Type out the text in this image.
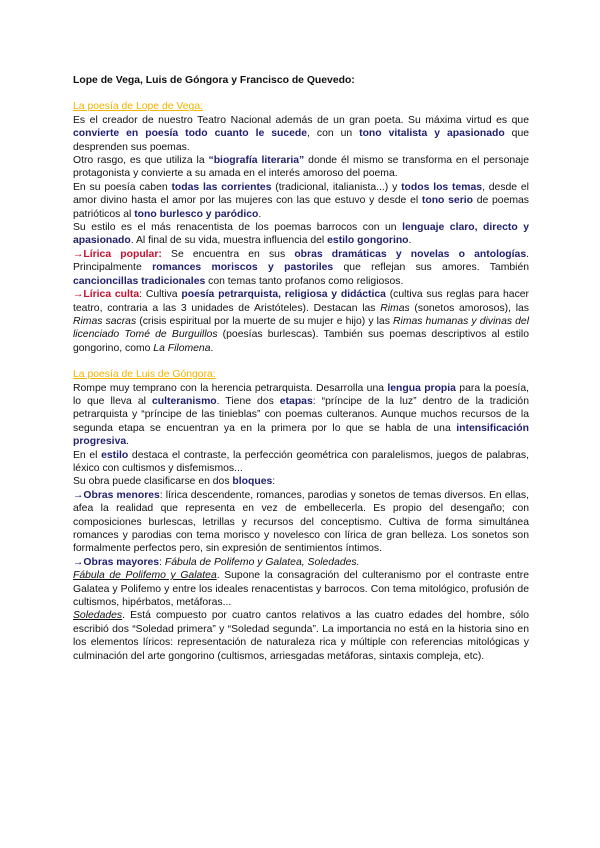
Lope de Vega, Luis de Góngora y Francisco de Quevedo:

La poesía de Lope de Vega:

Es el creador de nuestro Teatro Nacional además de un gran poeta. Su máxima virtud es que convierte en poesía todo cuanto le sucede, con un tono vitalista y apasionado que desprenden sus poemas.

Otro rasgo, es que utiliza la “biografía literaria” donde él mismo se transforma en el personaje protagonista y convierte a su amada en el interés amoroso del poema.

En su poesía caben todas las corrientes (tradicional, italianista...) y todos los temas, desde el amor divino hasta el amor por las mujeres con las que estuvo y desde el tono serio de poemas patrióticos al tono burlesco y paródico.

Su estilo es el más renacentista de los poemas barrocos con un lenguaje claro, directo y apasionado. Al final de su vida, muestra influencia del estilo gongorino.

→Lírica popular: Se encuentra en sus obras dramáticas y novelas o antologías. Principalmente romances moriscos y pastoriles que reflejan sus amores. También cancioncillas tradicionales con temas tanto profanos como religiosos.

→Lírica culta: Cultiva poesía petrarquista, religiosa y didáctica (cultiva sus reglas para hacer teatro, contraria a las 3 unidades de Aristóteles). Destacan las Rimas (sonetos amorosos), las Rimas sacras (crisis espiritual por la muerte de su mujer e hijo) y las Rimas humanas y divinas del licenciado Tomé de Burguillos (poesías burlescas). También sus poemas descriptivos al estilo gongorino, como La Filomena.

La poesía de Luis de Góngora:

Rompe muy temprano con la herencia petrarquista. Desarrolla una lengua propia para la poesía, lo que lleva al culteranismo. Tiene dos etapas: “príncipe de la luz” dentro de la tradición petrarquista y “príncipe de las tinieblas” con poemas culteranos. Aunque muchos recursos de la segunda etapa se encuentran ya en la primera por lo que se habla de una intensificación progresiva.

En el estilo destaca el contraste, la perfección geométrica con paralelismos, juegos de palabras, léxico con cultismos y disfemismos...

Su obra puede clasificarse en dos bloques:

→Obras menores: lírica descendente, romances, parodias y sonetos de temas diversos. En ellas, afea la realidad que representa en vez de embellecerla. Es propio del desengaño; con composiciones burlescas, letrillas y recursos del conceptismo. Cultiva de forma simultánea romances y parodias con tema morisco y novelesco con lírica de gran belleza. Los sonetos son formalmente perfectos pero, sin expresión de sentimientos íntimos.

→Obras mayores: Fábula de Polifemo y Galatea, Soledades.

Fábula de Polifemo y Galatea. Supone la consagración del culteranismo por el contraste entre Galatea y Polifemo y entre los ideales renacentistas y barrocos. Con tema mitológico, profusión de cultismos, hipérbatos, metáforas...

Soledades. Está compuesto por cuatro cantos relativos a las cuatro edades del hombre, sólo escribió dos “Soledad primera” y “Soledad segunda”. La importancia no está en la historia sino en los elementos líricos: representación de naturaleza rica y múltiple con referencias mitológicas y culminación del arte gongorino (cultismos, arriesgadas metáforas, sintaxis compleja, etc).
